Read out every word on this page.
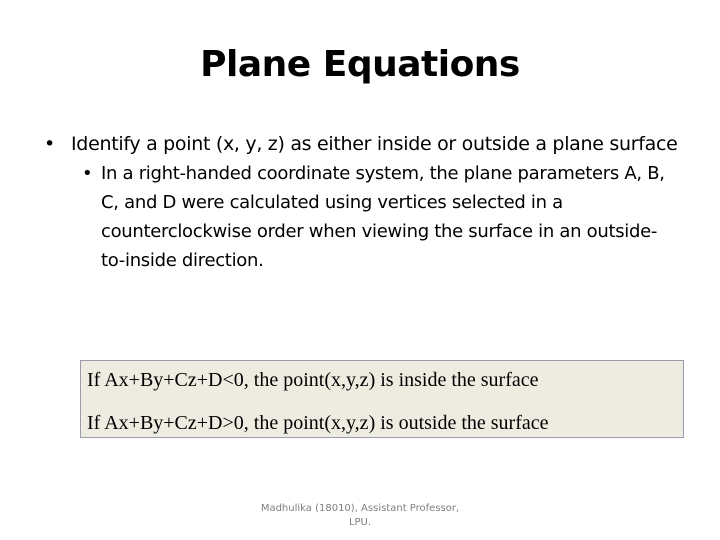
Plane Equations
• Identify a point (x, y, z) as either inside or outside a plane surface
• In a right-handed coordinate system, the plane parameters A, B, C, and D were calculated using vertices selected in a counterclockwise order when viewing the surface in an outside-to-inside direction.
If Ax+By+Cz+D<0, the point(x,y,z) is inside the surface
If Ax+By+Cz+D>0, the point(x,y,z) is outside the surface
Madhulika (18010), Assistant Professor,
LPU.
